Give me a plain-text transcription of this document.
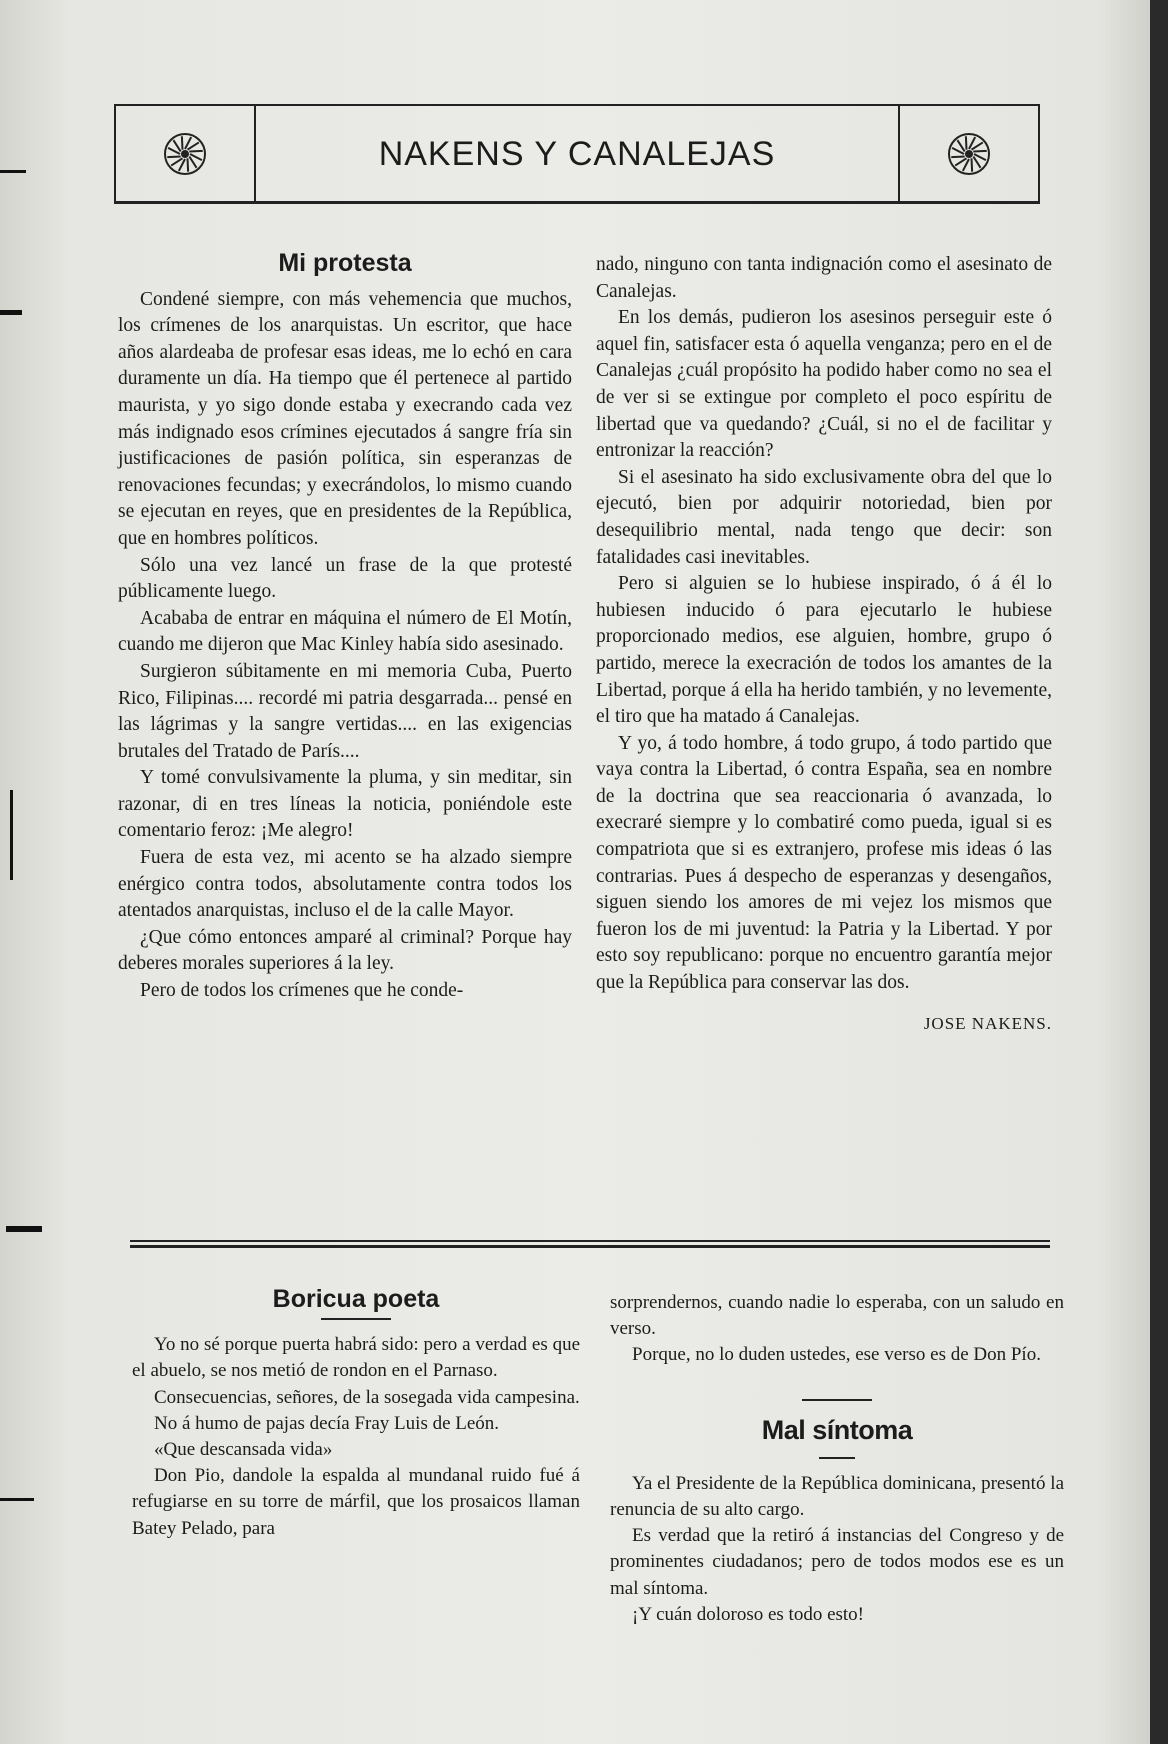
NAKENS Y CANALEJAS
Mi protesta

Condené siempre, con más vehemencia que muchos, los crímenes de los anarquistas. Un escritor, que hace años alardeaba de profesar esas ideas, me lo echó en cara duramente un día. Ha tiempo que él pertenece al partido maurista, y yo sigo donde estaba y execrando cada vez más indignado esos crímines ejecutados á sangre fría sin justificaciones de pasión política, sin esperanzas de renovaciones fecundas; y execrándolos, lo mismo cuando se ejecutan en reyes, que en presidentes de la República, que en hombres políticos.

Sólo una vez lancé un frase de la que protesté públicamente luego.

Acababa de entrar en máquina el número de El Motín, cuando me dijeron que Mac Kinley había sido asesinado.

Surgieron súbitamente en mi memoria Cuba, Puerto Rico, Filipinas.... recordé mi patria desgarrada... pensé en las lágrimas y la sangre vertidas.... en las exigencias brutales del Tratado de París....

Y tomé convulsivamente la pluma, y sin meditar, sin razonar, di en tres líneas la noticia, poniéndole este comentario feroz: ¡Me alegro!

Fuera de esta vez, mi acento se ha alzado siempre enérgico contra todos, absolutamente contra todos los atentados anarquistas, incluso el de la calle Mayor.

¿Que cómo entonces amparé al criminal? Porque hay deberes morales superiores á la ley.

Pero de todos los crímenes que he conde-

nado, ninguno con tanta indignación como el asesinato de Canalejas.

En los demás, pudieron los asesinos perseguir este ó aquel fin, satisfacer esta ó aquella venganza; pero en el de Canalejas ¿cuál propósito ha podido haber como no sea el de ver si se extingue por completo el poco espíritu de libertad que va quedando? ¿Cuál, si no el de facilitar y entronizar la reacción?

Si el asesinato ha sido exclusivamente obra del que lo ejecutó, bien por adquirir notoriedad, bien por desequilibrio mental, nada tengo que decir: son fatalidades casi inevitables.

Pero si alguien se lo hubiese inspirado, ó á él lo hubiesen inducido ó para ejecutarlo le hubiese proporcionado medios, ese alguien, hombre, grupo ó partido, merece la execración de todos los amantes de la Libertad, porque á ella ha herido también, y no levemente, el tiro que ha matado á Canalejas.

Y yo, á todo hombre, á todo grupo, á todo partido que vaya contra la Libertad, ó contra España, sea en nombre de la doctrina que sea reaccionaria ó avanzada, lo execraré siempre y lo combatiré como pueda, igual si es compatriota que si es extranjero, profese mis ideas ó las contrarias. Pues á despecho de esperanzas y desengaños, siguen siendo los amores de mi vejez los mismos que fueron los de mi juventud: la Patria y la Libertad. Y por esto soy republicano: porque no encuentro garantía mejor que la República para conservar las dos.

JOSE NAKENS.

Boricua poeta

Yo no sé porque puerta habrá sido: pero a verdad es que el abuelo, se nos metió de rondon en el Parnaso.

Consecuencias, señores, de la sosegada vida campesina.

No á humo de pajas decía Fray Luis de León.

«Que descansada vida»

Don Pio, dandole la espalda al mundanal ruido fué á refugiarse en su torre de márfil, que los prosaicos llaman Batey Pelado, para

sorprendernos, cuando nadie lo esperaba, con un saludo en verso.

Porque, no lo duden ustedes, ese verso es de Don Pío.

Mal síntoma

Ya el Presidente de la República dominicana, presentó la renuncia de su alto cargo.

Es verdad que la retiró á instancias del Congreso y de prominentes ciudadanos; pero de todos modos ese es un mal síntoma.

¡Y cuán doloroso es todo esto!
